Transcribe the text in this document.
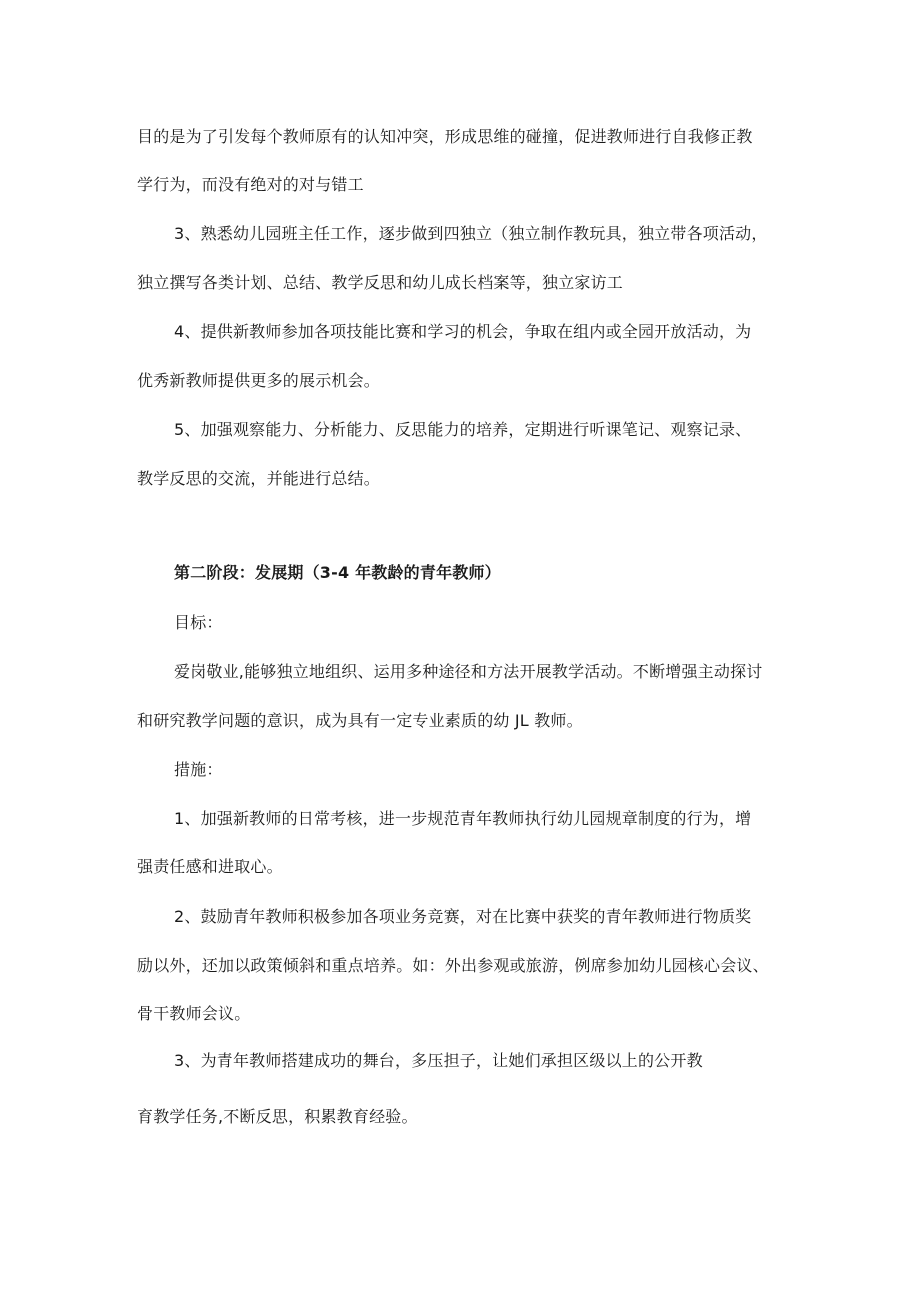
目的是为了引发每个教师原有的认知冲突，形成思维的碰撞，促进教师进行自我修正教
学行为，而没有绝对的对与错工
3、熟悉幼儿园班主任工作，逐步做到四独立（独立制作教玩具，独立带各项活动，
独立撰写各类计划、总结、教学反思和幼儿成长档案等，独立家访工
4、提供新教师参加各项技能比赛和学习的机会，争取在组内或全园开放活动，为
优秀新教师提供更多的展示机会。
5、加强观察能力、分析能力、反思能力的培养，定期进行听课笔记、观察记录、
教学反思的交流，并能进行总结。
第二阶段：发展期（3-4 年教龄的青年教师）
目标：
爱岗敬业,能够独立地组织、运用多种途径和方法开展教学活动。不断增强主动探讨
和研究教学问题的意识，成为具有一定专业素质的幼 JL 教师。
措施：
1、加强新教师的日常考核，进一步规范青年教师执行幼儿园规章制度的行为，增
强责任感和进取心。
2、鼓励青年教师积极参加各项业务竞赛，对在比赛中获奖的青年教师进行物质奖
励以外，还加以政策倾斜和重点培养。如：外出参观或旅游，例席参加幼儿园核心会议、
骨干教师会议。
3、为青年教师搭建成功的舞台，多压担子，让她们承担区级以上的公开教
育教学任务,不断反思，积累教育经验。
